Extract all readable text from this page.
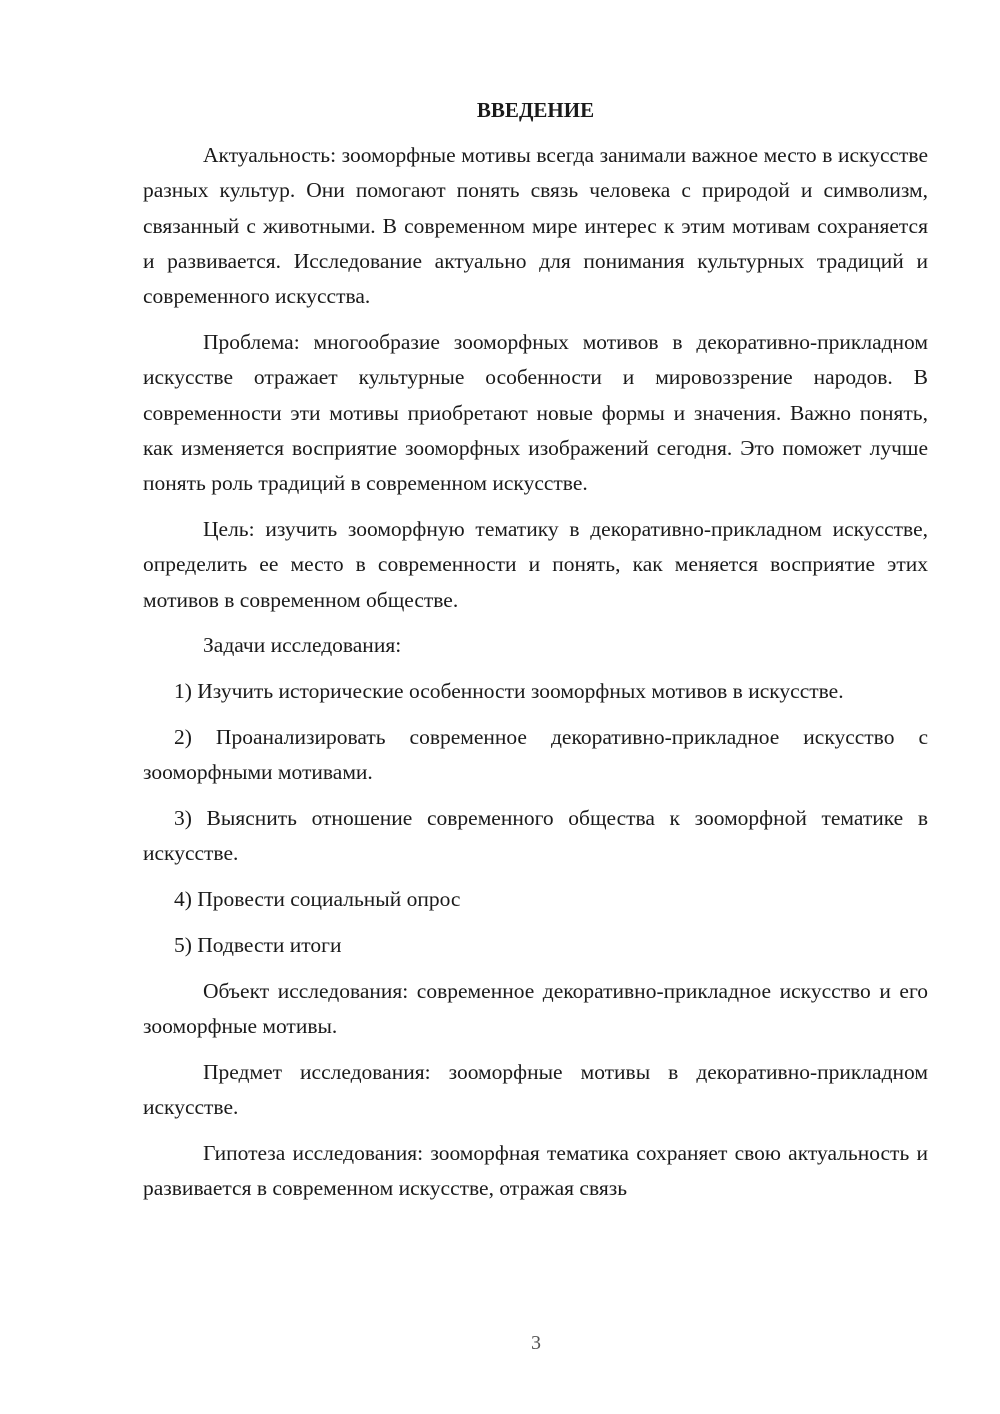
ВВЕДЕНИЕ

Актуальность: зооморфные мотивы всегда занимали важное место в искусстве разных культур. Они помогают понять связь человека с природой и символизм, связанный с животными. В современном мире интерес к этим мотивам сохраняется и развивается. Исследование актуально для понимания культурных традиций и современного искусства.

Проблема: многообразие зооморфных мотивов в декоративно-прикладном искусстве отражает культурные особенности и мировоззрение народов. В современности эти мотивы приобретают новые формы и значения. Важно понять, как изменяется восприятие зооморфных изображений сегодня. Это поможет лучше понять роль традиций в современном искусстве.

Цель: изучить зооморфную тематику в декоративно-прикладном искусстве, определить ее место в современности и понять, как меняется восприятие этих мотивов в современном обществе.

Задачи исследования:

1) Изучить исторические особенности зооморфных мотивов в искусстве.

2) Проанализировать современное декоративно-прикладное искусство с зооморфными мотивами.

3) Выяснить отношение современного общества к зооморфной тематике в искусстве.

4) Провести социальный опрос

5) Подвести итоги

Объект исследования: современное декоративно-прикладное искусство и его зооморфные мотивы.

Предмет исследования: зооморфные мотивы в декоративно-прикладном искусстве.

Гипотеза исследования: зооморфная тематика сохраняет свою актуальность и развивается в современном искусстве, отражая связь

3
